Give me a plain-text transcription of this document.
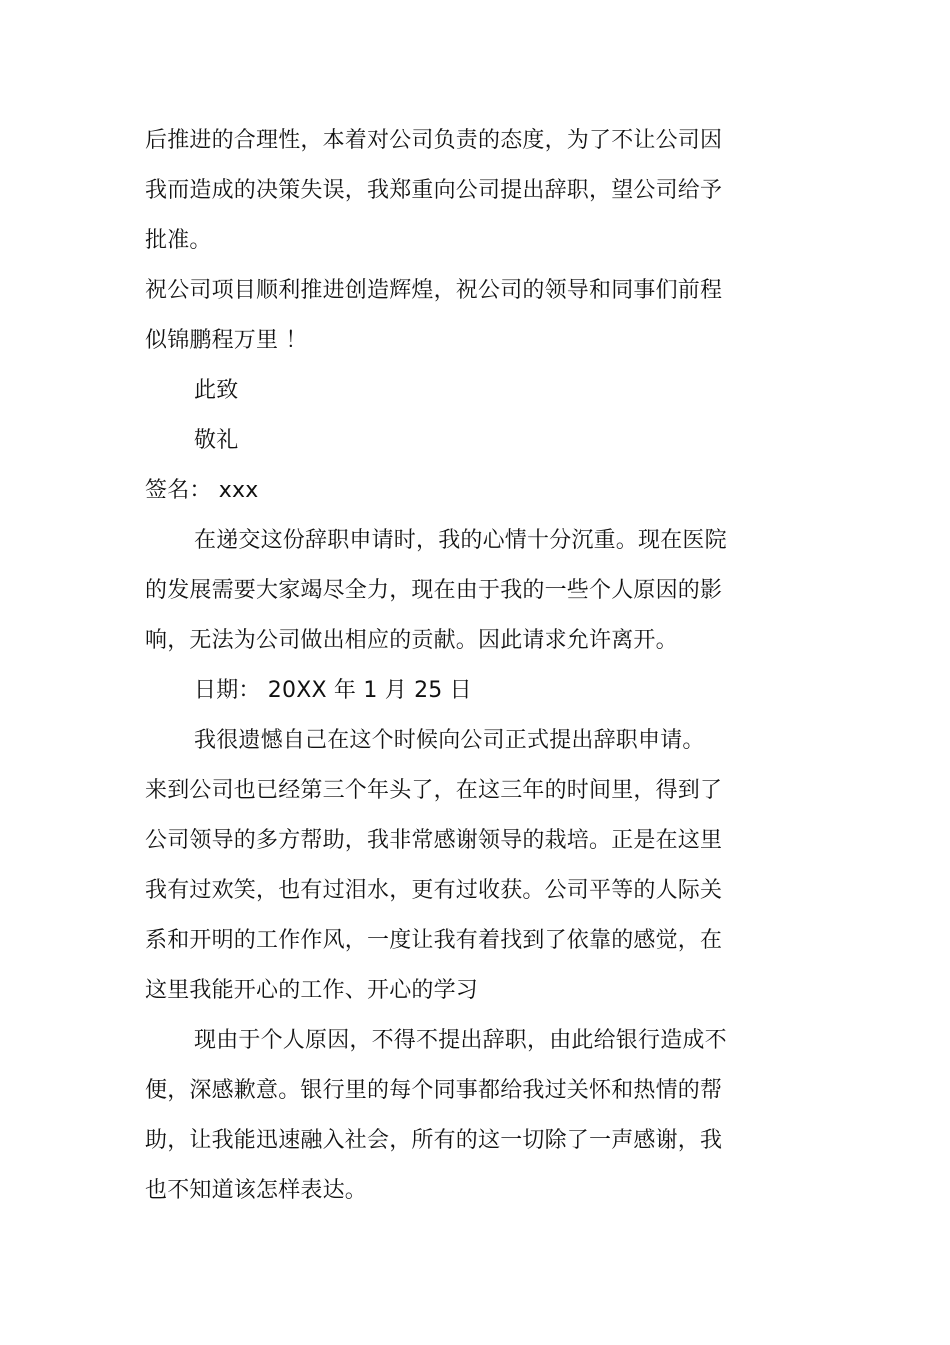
后推进的合理性，本着对公司负责的态度，为了不让公司因
我而造成的决策失误，我郑重向公司提出辞职，望公司给予
批准。
祝公司项目顺利推进创造辉煌，祝公司的领导和同事们前程
似锦鹏程万里 ！
此致
敬礼
签名： xxx
在递交这份辞职申请时，我的心情十分沉重。现在医院
的发展需要大家竭尽全力，现在由于我的一些个人原因的影
响，无法为公司做出相应的贡献。因此请求允许离开。
日期： 20XX 年 1 月 25 日
我很遗憾自己在这个时候向公司正式提出辞职申请。
来到公司也已经第三个年头了，在这三年的时间里，得到了
公司领导的多方帮助，我非常感谢领导的栽培。正是在这里
我有过欢笑，也有过泪水，更有过收获。公司平等的人际关
系和开明的工作作风，一度让我有着找到了依靠的感觉，在
这里我能开心的工作、开心的学习
现由于个人原因，不得不提出辞职，由此给银行造成不
便，深感歉意。银行里的每个同事都给我过关怀和热情的帮
助，让我能迅速融入社会，所有的这一切除了一声感谢，我
也不知道该怎样表达。
